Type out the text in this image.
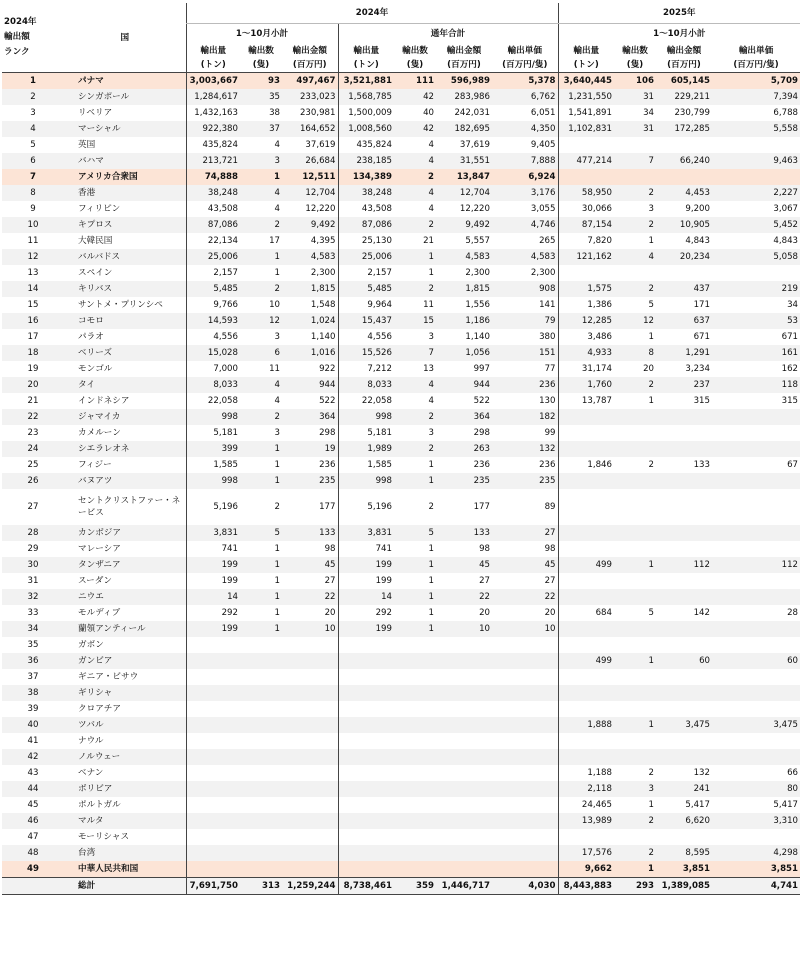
2024年
輸出額
ランク	国	2024年							2025年			
		1～10月小計			通年合計				1～10月小計			
		輸出量	輸出数	輸出金額	輸出量	輸出数	輸出金額	輸出単価	輸出量	輸出数	輸出金額	輸出単価
		(トン)	(隻)	(百万円)	(トン)	(隻)	(百万円)	(百万円/隻)	(トン)	(隻)	(百万円)	(百万円/隻)
1	パナマ	3,003,667	93	497,467	3,521,881	111	596,989	5,378	3,640,445	106	605,145	5,709
2	シンガポール	1,284,617	35	233,023	1,568,785	42	283,986	6,762	1,231,550	31	229,211	7,394
3	リベリア	1,432,163	38	230,981	1,500,009	40	242,031	6,051	1,541,891	34	230,799	6,788
4	マーシャル	922,380	37	164,652	1,008,560	42	182,695	4,350	1,102,831	31	172,285	5,558
5	英国	435,824	4	37,619	435,824	4	37,619	9,405				
6	バハマ	213,721	3	26,684	238,185	4	31,551	7,888	477,214	7	66,240	9,463
7	アメリカ合衆国	74,888	1	12,511	134,389	2	13,847	6,924				
8	香港	38,248	4	12,704	38,248	4	12,704	3,176	58,950	2	4,453	2,227
9	フィリピン	43,508	4	12,220	43,508	4	12,220	3,055	30,066	3	9,200	3,067
10	キプロス	87,086	2	9,492	87,086	2	9,492	4,746	87,154	2	10,905	5,452
11	大韓民国	22,134	17	4,395	25,130	21	5,557	265	7,820	1	4,843	4,843
12	バルバドス	25,006	1	4,583	25,006	1	4,583	4,583	121,162	4	20,234	5,058
13	スペイン	2,157	1	2,300	2,157	1	2,300	2,300				
14	キリバス	5,485	2	1,815	5,485	2	1,815	908	1,575	2	437	219
15	サントメ・プリンシペ	9,766	10	1,548	9,964	11	1,556	141	1,386	5	171	34
16	コモロ	14,593	12	1,024	15,437	15	1,186	79	12,285	12	637	53
17	パラオ	4,556	3	1,140	4,556	3	1,140	380	3,486	1	671	671
18	ベリーズ	15,028	6	1,016	15,526	7	1,056	151	4,933	8	1,291	161
19	モンゴル	7,000	11	922	7,212	13	997	77	31,174	20	3,234	162
20	タイ	8,033	4	944	8,033	4	944	236	1,760	2	237	118
21	インドネシア	22,058	4	522	22,058	4	522	130	13,787	1	315	315
22	ジャマイカ	998	2	364	998	2	364	182				
23	カメルーン	5,181	3	298	5,181	3	298	99				
24	シエラレオネ	399	1	19	1,989	2	263	132				
25	フィジー	1,585	1	236	1,585	1	236	236	1,846	2	133	67
26	バヌアツ	998	1	235	998	1	235	235				
27	セントクリストファー・ネービス	5,196	2	177	5,196	2	177	89				
28	カンボジア	3,831	5	133	3,831	5	133	27				
29	マレーシア	741	1	98	741	1	98	98				
30	タンザニア	199	1	45	199	1	45	45	499	1	112	112
31	スーダン	199	1	27	199	1	27	27				
32	ニウエ	14	1	22	14	1	22	22				
33	モルディブ	292	1	20	292	1	20	20	684	5	142	28
34	蘭領アンティール	199	1	10	199	1	10	10				
35	ガボン											
36	ガンビア								499	1	60	60
37	ギニア・ビサウ											
38	ギリシャ											
39	クロアチア											
40	ツバル								1,888	1	3,475	3,475
41	ナウル											
42	ノルウェー											
43	ベナン								1,188	2	132	66
44	ボリビア								2,118	3	241	80
45	ポルトガル								24,465	1	5,417	5,417
46	マルタ								13,989	2	6,620	3,310
47	モーリシャス											
48	台湾								17,576	2	8,595	4,298
49	中華人民共和国								9,662	1	3,851	3,851
	総計	7,691,750	313	1,259,244	8,738,461	359	1,446,717	4,030	8,443,883	293	1,389,085	4,741
